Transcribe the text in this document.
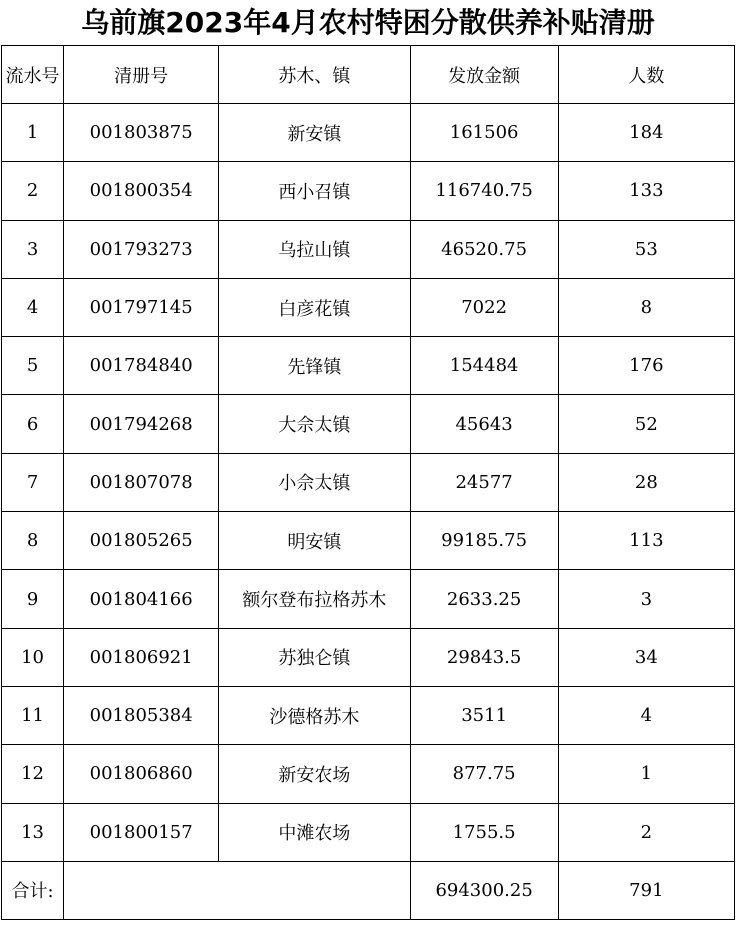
乌前旗2023年4月农村特困分散供养补贴清册
流水号	清册号	苏木、镇	发放金额	人数
1	001803875	新安镇	161506	184
2	001800354	西小召镇	116740.75	133
3	001793273	乌拉山镇	46520.75	53
4	001797145	白彦花镇	7022	8
5	001784840	先锋镇	154484	176
6	001794268	大佘太镇	45643	52
7	001807078	小佘太镇	24577	28
8	001805265	明安镇	99185.75	113
9	001804166	额尔登布拉格苏木	2633.25	3
10	001806921	苏独仑镇	29843.5	34
11	001805384	沙德格苏木	3511	4
12	001806860	新安农场	877.75	1
13	001800157	中滩农场	1755.5	2
合计:			694300.25	791
